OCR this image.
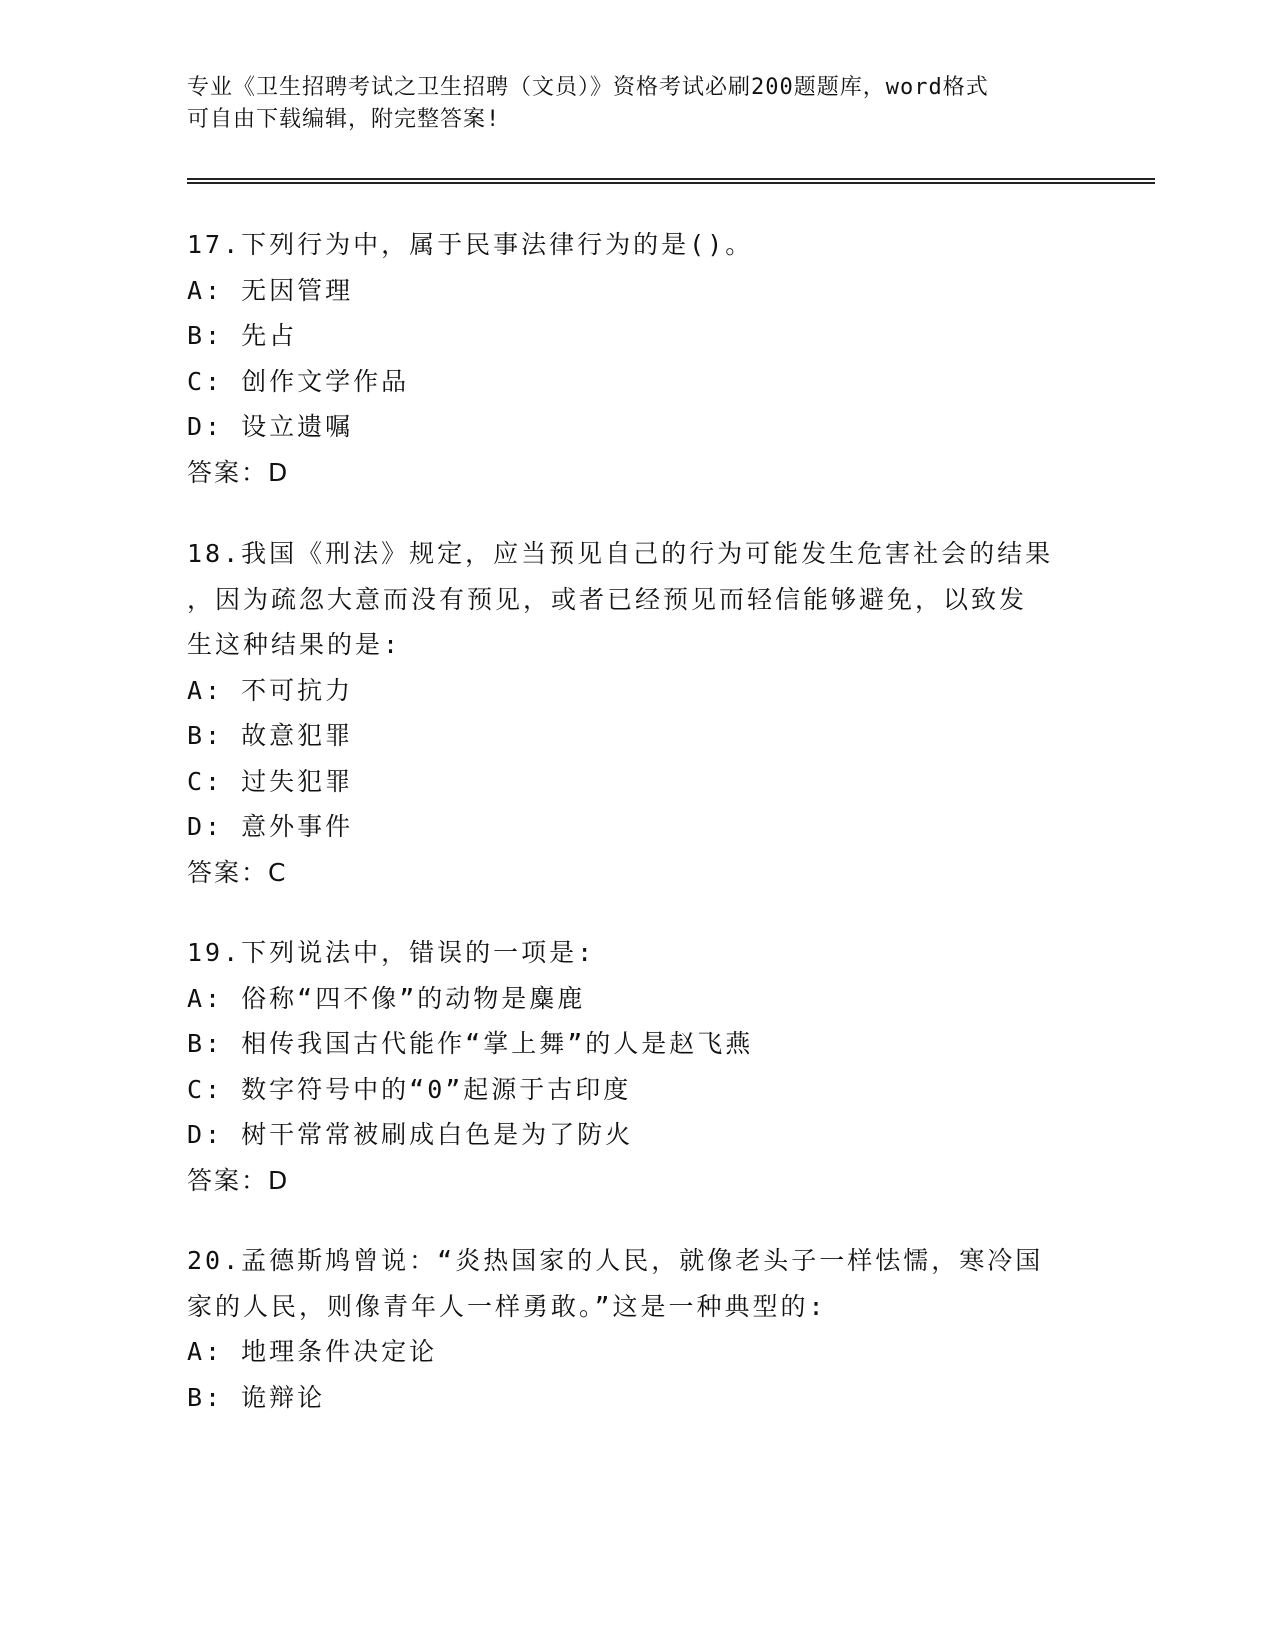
专业《卫生招聘考试之卫生招聘（文员）》资格考试必刷200题题库，word格式
可自由下载编辑，附完整答案!
17.下列行为中，属于民事法律行为的是()。
A: 无因管理
B: 先占
C: 创作文学作品
D: 设立遗嘱
答案：D
18.我国《刑法》规定，应当预见自己的行为可能发生危害社会的结果
，因为疏忽大意而没有预见，或者已经预见而轻信能够避免，以致发
生这种结果的是:
A: 不可抗力
B: 故意犯罪
C: 过失犯罪
D: 意外事件
答案：C
19.下列说法中，错误的一项是:
A: 俗称“四不像”的动物是麋鹿
B: 相传我国古代能作“掌上舞”的人是赵飞燕
C: 数字符号中的“0”起源于古印度
D: 树干常常被刷成白色是为了防火
答案：D
20.孟德斯鸠曾说：“炎热国家的人民，就像老头子一样怯懦，寒冷国
家的人民，则像青年人一样勇敢。”这是一种典型的:
A: 地理条件决定论
B: 诡辩论
